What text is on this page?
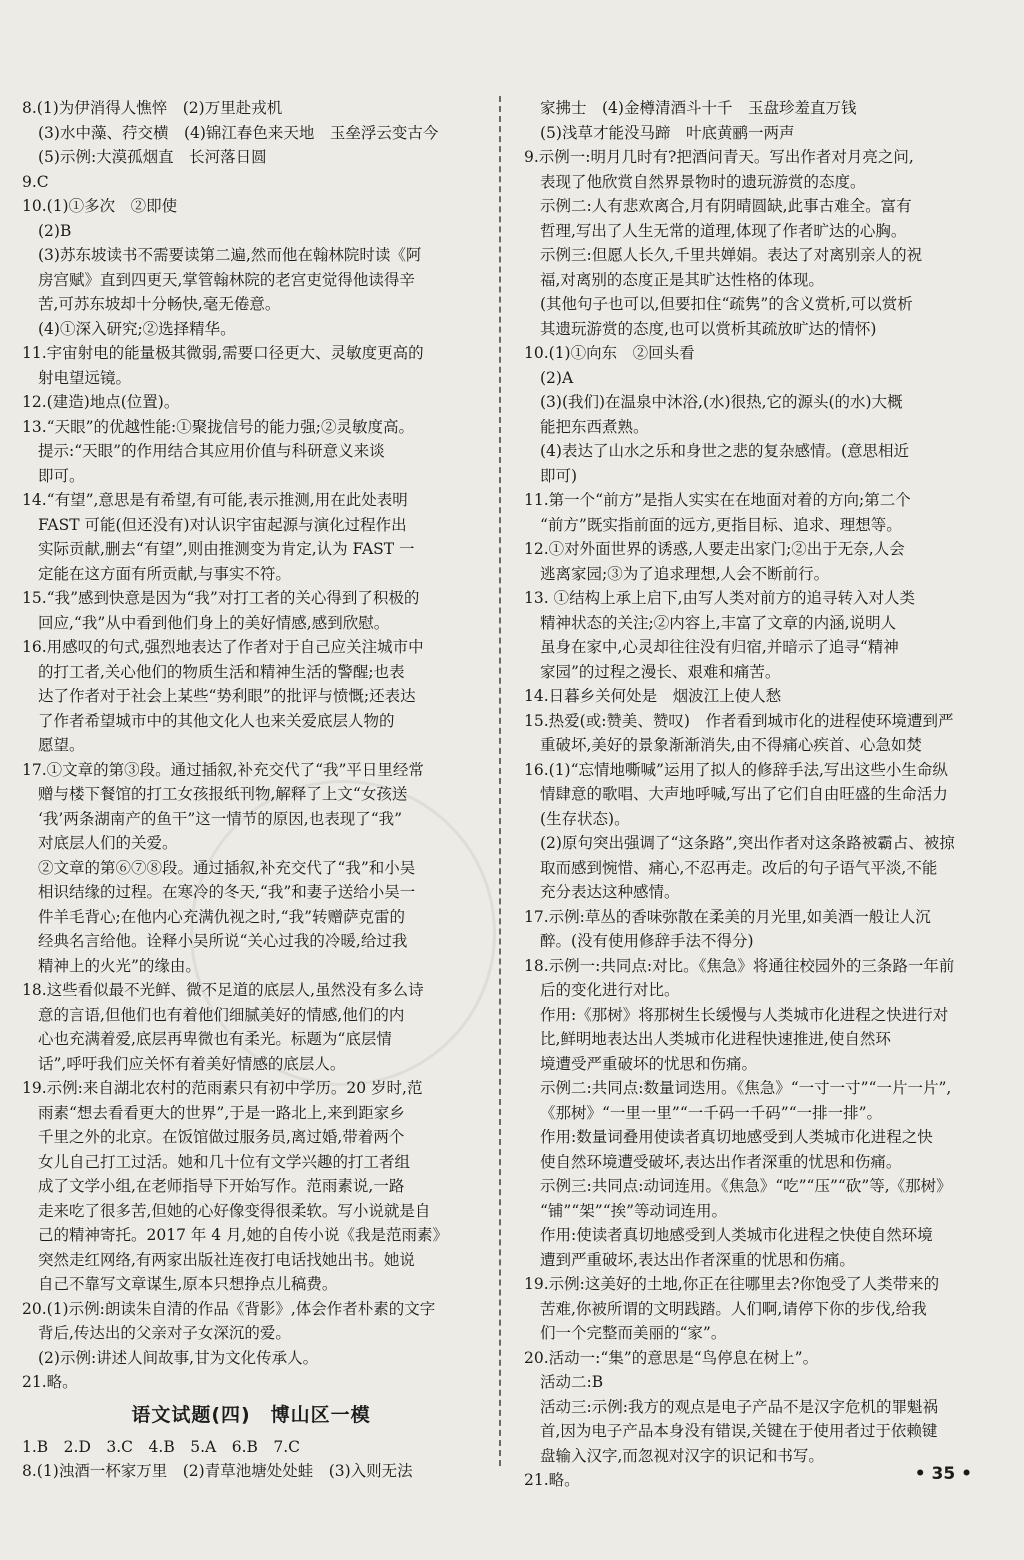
8.(1)为伊消得人憔悴　(2)万里赴戎机
(3)水中藻、荇交横　(4)锦江春色来天地　玉垒浮云变古今
(5)示例:大漠孤烟直　长河落日圆
9.C
10.(1)①多次　②即使
(2)B
(3)苏东坡读书不需要读第二遍,然而他在翰林院时读《阿
房宫赋》直到四更天,掌管翰林院的老宫吏觉得他读得辛
苦,可苏东坡却十分畅快,毫无倦意。
(4)①深入研究;②选择精华。
11.宇宙射电的能量极其微弱,需要口径更大、灵敏度更高的
射电望远镜。
12.(建造)地点(位置)。
13.“天眼”的优越性能:①聚拢信号的能力强;②灵敏度高。
提示:“天眼”的作用结合其应用价值与科研意义来谈
即可。
14.“有望”,意思是有希望,有可能,表示推测,用在此处表明
FAST 可能(但还没有)对认识宇宙起源与演化过程作出
实际贡献,删去“有望”,则由推测变为肯定,认为 FAST 一
定能在这方面有所贡献,与事实不符。
15.“我”感到快意是因为“我”对打工者的关心得到了积极的
回应,“我”从中看到他们身上的美好情感,感到欣慰。
16.用感叹的句式,强烈地表达了作者对于自己应关注城市中
的打工者,关心他们的物质生活和精神生活的警醒;也表
达了作者对于社会上某些“势利眼”的批评与愤慨;还表达
了作者希望城市中的其他文化人也来关爱底层人物的
愿望。
17.①文章的第③段。通过插叙,补充交代了“我”平日里经常
赠与楼下餐馆的打工女孩报纸刊物,解释了上文“女孩送
‘我’两条湖南产的鱼干”这一情节的原因,也表现了“我”
对底层人们的关爱。
②文章的第⑥⑦⑧段。通过插叙,补充交代了“我”和小吴
相识结缘的过程。在寒冷的冬天,“我”和妻子送给小吴一
件羊毛背心;在他内心充满仇视之时,“我”转赠萨克雷的
经典名言给他。诠释小吴所说“关心过我的冷暖,给过我
精神上的火光”的缘由。
18.这些看似最不光鲜、微不足道的底层人,虽然没有多么诗
意的言语,但他们也有着他们细腻美好的情感,他们的内
心也充满着爱,底层再卑微也有柔光。标题为“底层情
话”,呼吁我们应关怀有着美好情感的底层人。
19.示例:来自湖北农村的范雨素只有初中学历。20 岁时,范
雨素“想去看看更大的世界”,于是一路北上,来到距家乡
千里之外的北京。在饭馆做过服务员,离过婚,带着两个
女儿自己打工过活。她和几十位有文学兴趣的打工者组
成了文学小组,在老师指导下开始写作。范雨素说,一路
走来吃了很多苦,但她的心好像变得很柔软。写小说就是自
己的精神寄托。2017 年 4 月,她的自传小说《我是范雨素》
突然走红网络,有两家出版社连夜打电话找她出书。她说
自己不靠写文章谋生,原本只想挣点儿稿费。
20.(1)示例:朗读朱自清的作品《背影》,体会作者朴素的文字
背后,传达出的父亲对子女深沉的爱。
(2)示例:讲述人间故事,甘为文化传承人。
21.略。
语文试题(四)　博山区一模
1.B　2.D　3.C　4.B　5.A　6.B　7.C
8.(1)浊酒一杯家万里　(2)青草池塘处处蛙　(3)入则无法
家拂士　(4)金樽清酒斗十千　玉盘珍羞直万钱
(5)浅草才能没马蹄　叶底黄鹂一两声
9.示例一:明月几时有?把酒问青天。写出作者对月亮之问,
表现了他欣赏自然界景物时的遗玩游赏的态度。
示例二:人有悲欢离合,月有阴晴圆缺,此事古难全。富有
哲理,写出了人生无常的道理,体现了作者旷达的心胸。
示例三:但愿人长久,千里共婵娟。表达了对离别亲人的祝
福,对离别的态度正是其旷达性格的体现。
(其他句子也可以,但要扣住“疏隽”的含义赏析,可以赏析
其遗玩游赏的态度,也可以赏析其疏放旷达的情怀)
10.(1)①向东　②回头看
(2)A
(3)(我们)在温泉中沐浴,(水)很热,它的源头(的水)大概
能把东西煮熟。
(4)表达了山水之乐和身世之悲的复杂感情。(意思相近
即可)
11.第一个“前方”是指人实实在在地面对着的方向;第二个
“前方”既实指前面的远方,更指目标、追求、理想等。
12.①对外面世界的诱惑,人要走出家门;②出于无奈,人会
逃离家园;③为了追求理想,人会不断前行。
13. ①结构上承上启下,由写人类对前方的追寻转入对人类
精神状态的关注;②内容上,丰富了文章的内涵,说明人
虽身在家中,心灵却往往没有归宿,并暗示了追寻“精神
家园”的过程之漫长、艰难和痛苦。
14.日暮乡关何处是　烟波江上使人愁
15.热爱(或:赞美、赞叹)　作者看到城市化的进程使环境遭到严
重破坏,美好的景象渐渐消失,由不得痛心疾首、心急如焚
16.(1)“忘情地嘶喊”运用了拟人的修辞手法,写出这些小生命纵
情肆意的歌唱、大声地呼喊,写出了它们自由旺盛的生命活力
(生存状态)。
(2)原句突出强调了“这条路”,突出作者对这条路被霸占、被掠
取而感到惋惜、痛心,不忍再走。改后的句子语气平淡,不能
充分表达这种感情。
17.示例:草丛的香味弥散在柔美的月光里,如美酒一般让人沉
醉。(没有使用修辞手法不得分)
18.示例一:共同点:对比。《焦急》将通往校园外的三条路一年前
后的变化进行对比。
作用:《那树》将那树生长缓慢与人类城市化进程之快进行对
比,鲜明地表达出人类城市化进程快速推进,使自然环
境遭受严重破坏的忧思和伤痛。
示例二:共同点:数量词迭用。《焦急》“一寸一寸”“一片一片”,
《那树》“一里一里”“一千码一千码”“一排一排”。
作用:数量词叠用使读者真切地感受到人类城市化进程之快
使自然环境遭受破坏,表达出作者深重的忧思和伤痛。
示例三:共同点:动词连用。《焦急》“吃”“压”“砍”等,《那树》
“铺”“架”“挨”等动词连用。
作用:使读者真切地感受到人类城市化进程之快使自然环境
遭到严重破坏,表达出作者深重的忧思和伤痛。
19.示例:这美好的土地,你正在往哪里去?你饱受了人类带来的
苦难,你被所谓的文明践踏。人们啊,请停下你的步伐,给我
们一个完整而美丽的“家”。
20.活动一:“集”的意思是“鸟停息在树上”。
活动二:B
活动三:示例:我方的观点是电子产品不是汉字危机的罪魁祸
首,因为电子产品本身没有错误,关键在于使用者过于依赖键
盘输入汉字,而忽视对汉字的识记和书写。
21.略。	• 35 •
